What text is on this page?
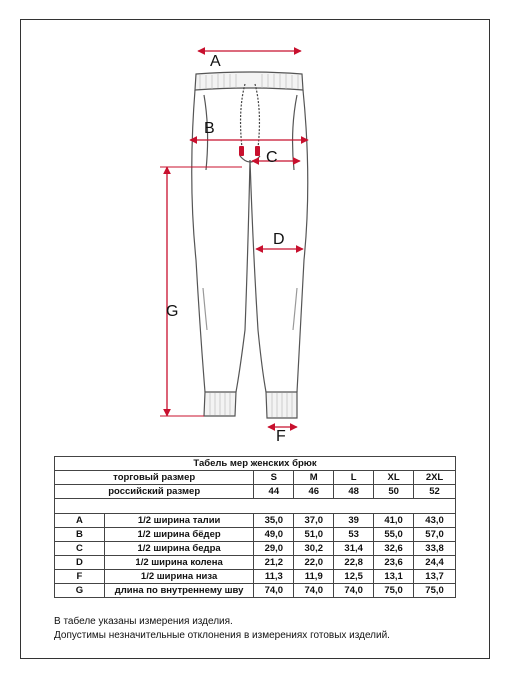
A
B
C
D
G
F
Табель мер женских брюк						
торговый размер		S	M	L	XL	2XL
российский размер		44	46	48	50	52

A	1/2 ширина талии	35,0	37,0	39	41,0	43,0
B	1/2 ширина бёдер	49,0	51,0	53	55,0	57,0
C	1/2 ширина бедра	29,0	30,2	31,4	32,6	33,8
D	1/2 ширина колена	21,2	22,0	22,8	23,6	24,4
F	1/2 ширина низа	11,3	11,9	12,5	13,1	13,7
G	длина по внутреннему шву	74,0	74,0	74,0	75,0	75,0
В табеле указаны измерения изделия.
Допустимы незначительные отклонения в измерениях готовых изделий.
